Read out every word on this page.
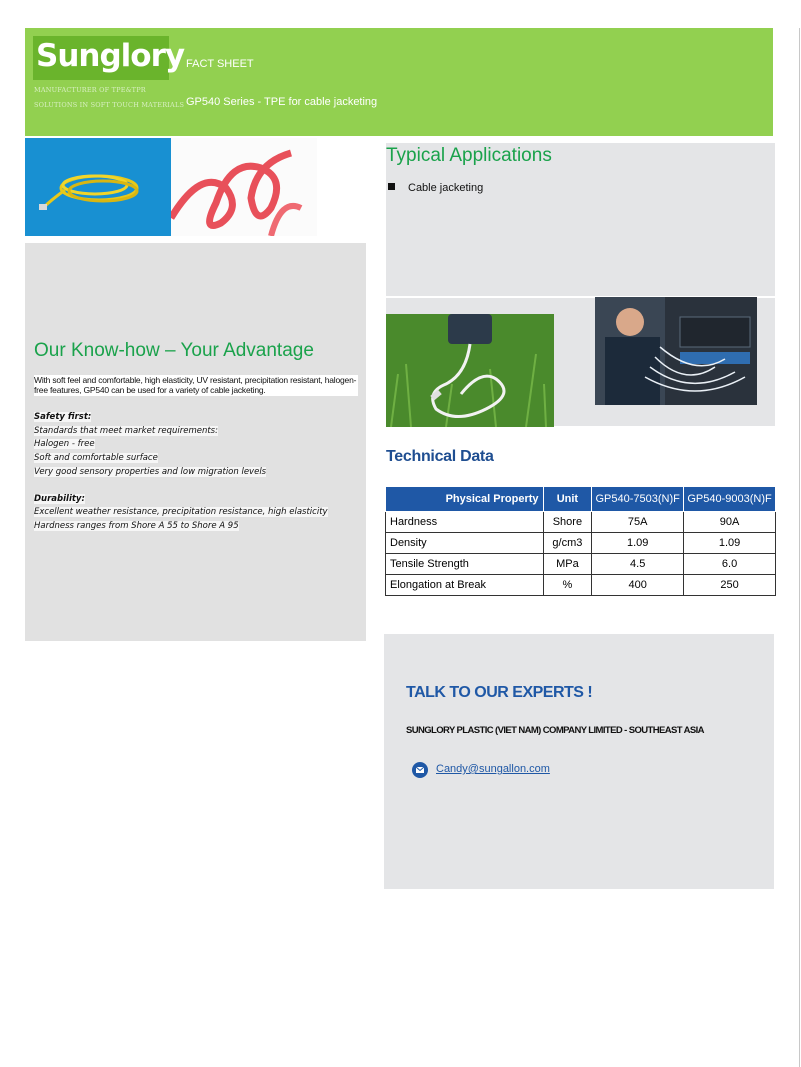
Sunglory
MANUFACTURER OF TPE&TPR
SOLUTIONS IN SOFT TOUCH MATERIALS
FACT SHEET
GP540 Series - TPE for cable jacketing
Our Know-how – Your Advantage
With soft feel and comfortable, high elasticity, UV resistant, precipitation resistant, halogen-free features, GP540 can be used for a variety of cable jacketing.
Safety first:
Standards that meet market requirements:
Halogen - free
Soft and comfortable surface
Very good sensory properties and low migration levels
Durability:
Excellent weather resistance, precipitation resistance, high elasticity
Hardness ranges from Shore A 55 to Shore A 95
Typical Applications
Cable jacketing
Technical Data
Physical Property	Unit	GP540-7503(N)F	GP540-9003(N)F
Hardness	Shore	75A	90A
Density	g/cm3	1.09	1.09
Tensile Strength	MPa	4.5	6.0
Elongation at Break	%	400	250
TALK TO OUR EXPERTS !
SUNGLORY PLASTIC (VIET NAM) COMPANY LIMITED - SOUTHEAST ASIA
Candy@sungallon.com
